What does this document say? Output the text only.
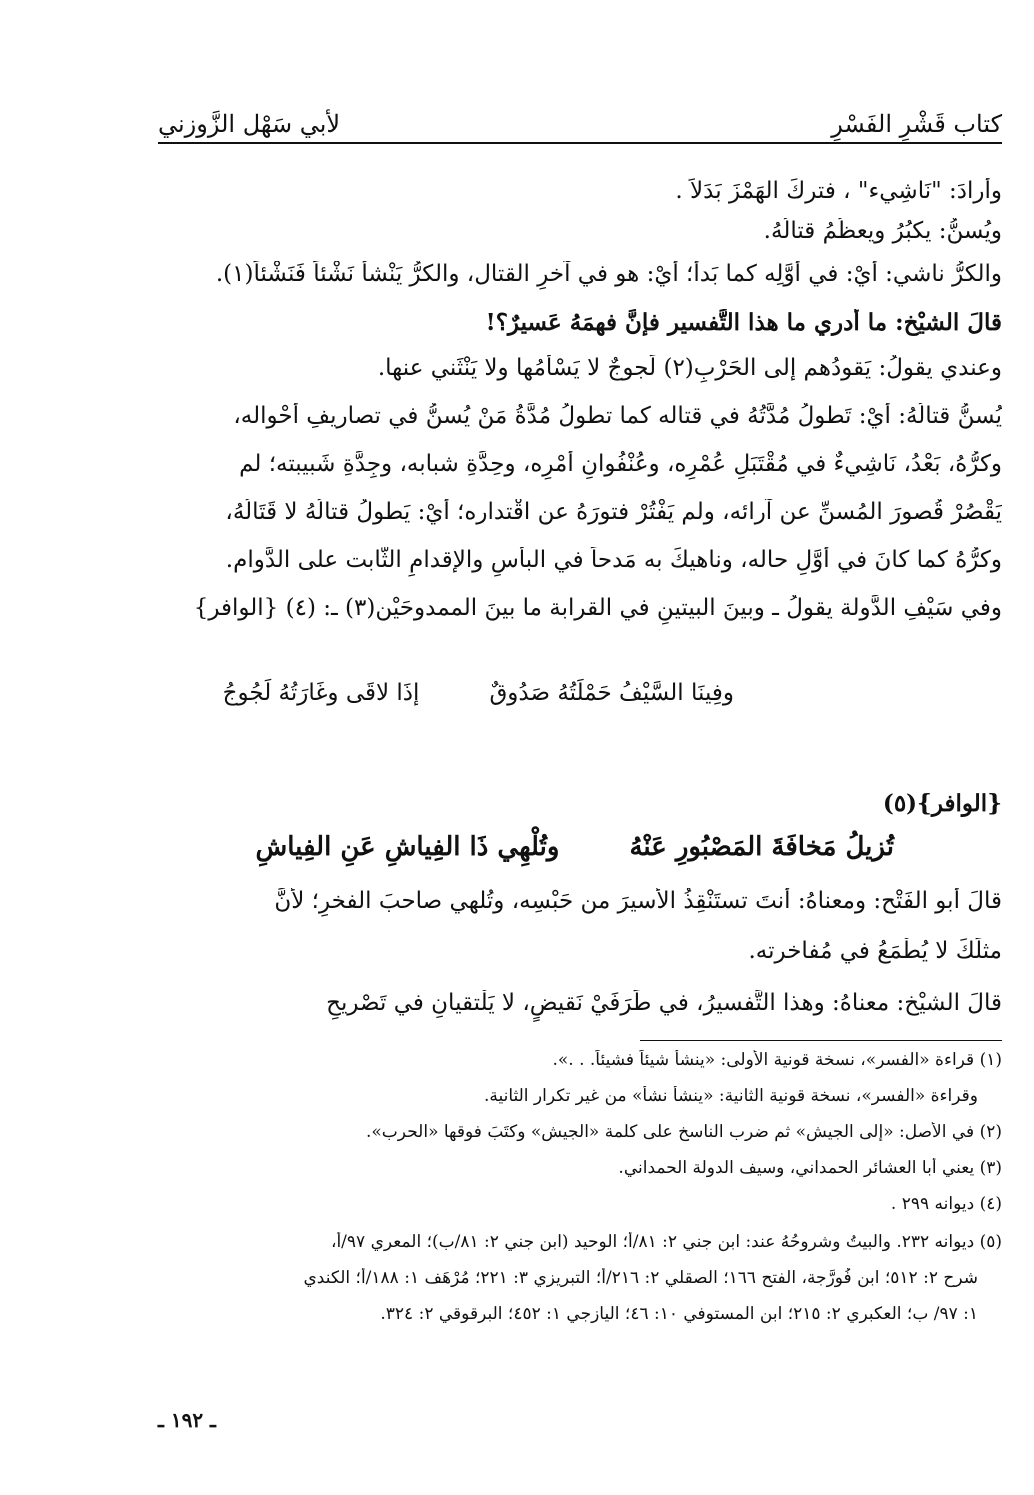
كتاب قَشْرِ الفَسْرِ
لأبي سَهْل الزَّوزني
وأرادَ: "نَاشِيء" ، فتركَ الهَمْزَ بَدَلاً .
ويُسنُّ: يكبُرُ ويعظُمُ قتالُهُ.
والكرُّ ناشي: أَيْ: في أوَّلِه كما بَدأ؛ أيْ: هو في آخرِ القتال، والكرُّ يَنْشأُ نَشْئاً فَنَشْئاً(١).
قالَ الشيْخ: ما أدري ما هذا التَّفسير فإنَّ فهمَهُ عَسيرٌ؟!
وعندي يقولُ: يَقودُهم إلى الحَرْبِ(٢) لَجوجٌ لا يَسْأمُها ولا يَنْثَني عنها.
يُسنُّ قتالُهُ: أَيْ: تَطولُ مُدَّتُهُ في قتاله كما تطولُ مُدَّةُ مَنْ يُسنُّ في تصاريفِ أحْواله،
وكرُّهُ، بَعْدُ، نَاشِيءٌ في مُقْتَبَلِ عُمْرِه، وعُنْفُوانِ أمْرِه، وحِدَّةِ شبابه، وجِدَّةِ شَبيبته؛ لم
يَقْصُرْ قُصورَ المُسنِّ عن آرائه، ولم يَفْتُرْ فتورَهُ عن اقْتداره؛ أيْ: يَطولُ قتالُهُ لا قَتَالُهُ،
وكرُّهُ كما كانَ في أوَّلِ حاله، وناهيكَ به مَدحاً في البأسِ والإقدامِ الثَّابت على الدَّوام.
وفي سَيْفِ الدَّولة يقولُ ـ وبينَ البيتينِ في القرابة ما بينَ الممدوحَيْن(٣) ـ: (٤) {الوافر}
وفِينَا السَّيْفُ حَمْلَتُهُ صَدُوقٌ
إذَا لاقَى وغَارَتُهُ لَجُوجُ
{الوافر}(٥)
تُزيلُ مَخافَةَ المَصْبُورِ عَنْهُ
وتُلْهِي ذَا الفِياشِ عَنِ الفِياشِ
قالَ أبو الفَتْح: ومعناهُ: أنتَ تستَنْقِذُ الأسيرَ من حَبْسِه، وتُلهي صاحبَ الفخرِ؛ لأنَّ
مثلَكَ لا يُطْمَعُ في مُفاخرته.
قالَ الشيْخ: معناهُ: وهذا التَّفسيرُ، في طَرَفَيْ نَقيضٍ، لا يَلْتقيانِ في تَصْريحِ
(١) قراءة «الفسر»، نسخة قونية الأولى: «ينشأ شيئاً فشيئاً. . .».
وقراءة «الفسر»، نسخة قونية الثانية: «ينشأ نشأ» من غير تكرار الثانية.
(٢) في الأصل: «إلى الجيش» ثم ضرب الناسخ على كلمة «الجيش» وكتَبَ فوقها «الحرب».
(٣) يعني أبا العشائر الحمداني، وسيف الدولة الحمداني.
(٤) ديوانه ٢٩٩ .
(٥) ديوانه ٢٣٢. والبيتُ وشروحُهُ عند: ابن جني ٢: ٨١/أ؛ الوحيد (ابن جني ٢: ٨١/ب)؛ المعري ٩٧/أ،
شرح ٢: ٥١٢؛ ابن فُورَّجة، الفتح ١٦٦؛ الصقلي ٢: ٢١٦/أ؛ التبريزي ٣: ٢٢١؛ مُرْهَف ١: ١٨٨/أ؛ الكندي
١: ٩٧/ ب؛ العكبري ٢: ٢١٥؛ ابن المستوفي ١٠: ٤٦؛ اليازجي ١: ٤٥٢؛ البرقوقي ٢: ٣٢٤.
ـ ١٩٢ ـ
